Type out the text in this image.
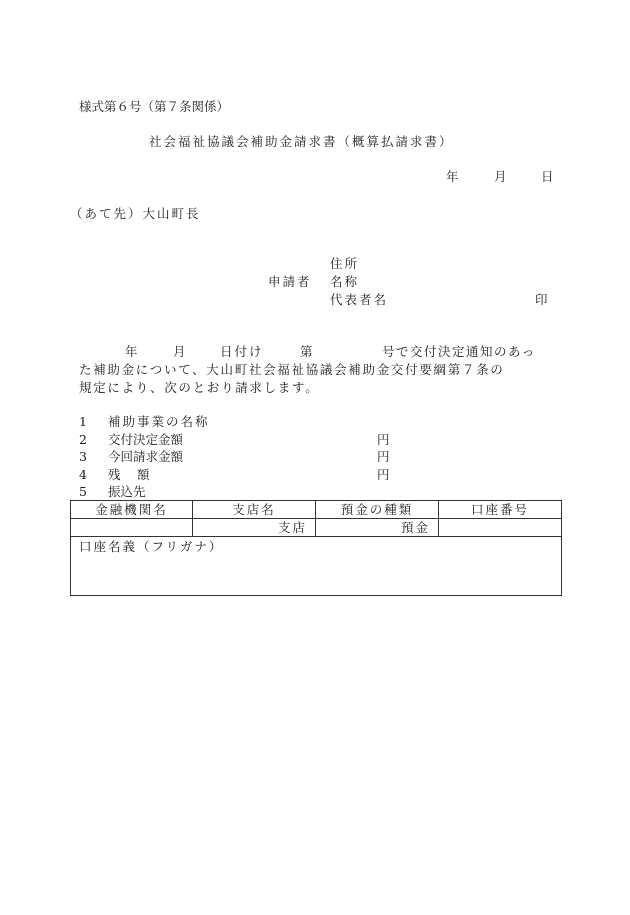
様式第６号（第７条関係）
社会福祉協議会補助金請求書（概算払請求書）
年	月	日
（あて先）大山町長
住所
申請者 名称
代表者名	印
年	月	日付け	第	号で交付決定通知のあっ
た補助金について、大山町社会福祉協議会補助金交付要綱第７条の
規定により、次のとおり請求します。
1 補助事業の名称
2 交付決定金額	円
3 今回請求金額	円
4 残　額	円
5 振込先
金融機関名	支店名	預金の種類	口座番号
	支店	預金	
口座名義（フリガナ）			
